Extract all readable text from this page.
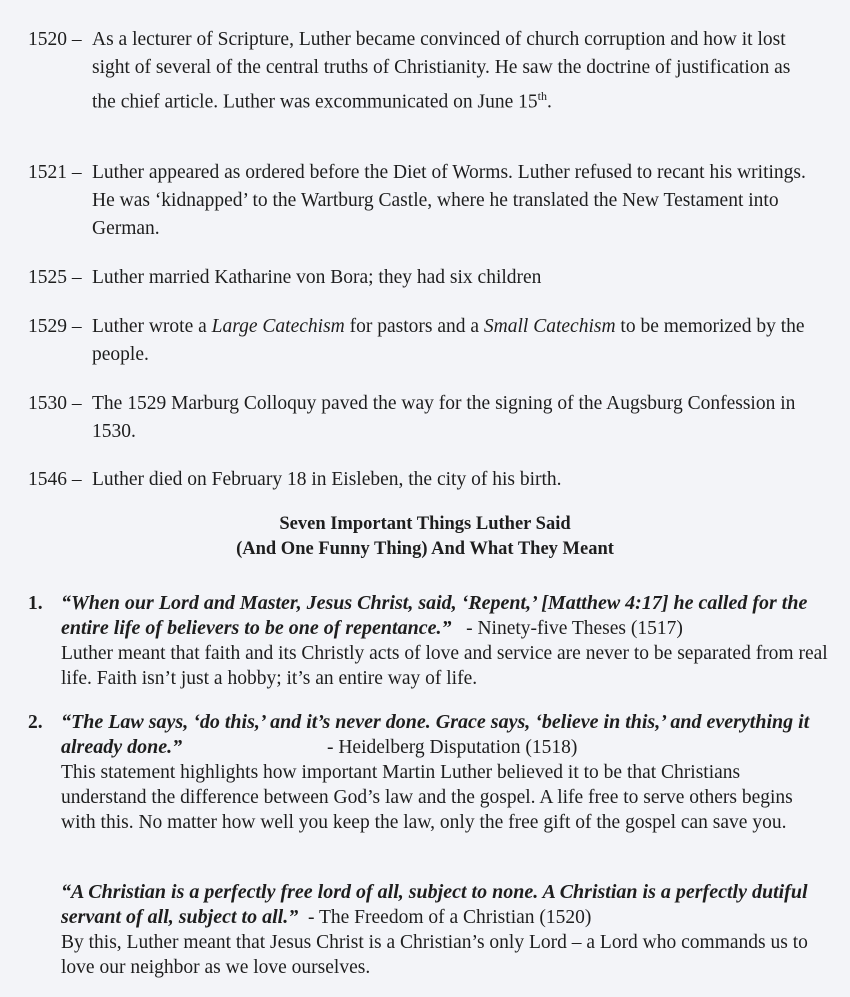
1520 – As a lecturer of Scripture, Luther became convinced of church corruption and how it lost sight of several of the central truths of Christianity. He saw the doctrine of justification as the chief article. Luther was excommunicated on June 15th.
1521 – Luther appeared as ordered before the Diet of Worms. Luther refused to recant his writings. He was ‘kidnapped’ to the Wartburg Castle, where he translated the New Testament into German.
1525 – Luther married Katharine von Bora; they had six children
1529 – Luther wrote a Large Catechism for pastors and a Small Catechism to be memorized by the people.
1530 – The 1529 Marburg Colloquy paved the way for the signing of the Augsburg Confession in 1530.
1546 – Luther died on February 18 in Eisleben, the city of his birth.
Seven Important Things Luther Said
(And One Funny Thing) And What They Meant
1. “When our Lord and Master, Jesus Christ, said, ‘Repent,’ [Matthew 4:17] he called for the entire life of believers to be one of repentance.” - Ninety-five Theses (1517)
Luther meant that faith and its Christly acts of love and service are never to be separated from real life. Faith isn’t just a hobby; it’s an entire way of life.
2. “The Law says, ‘do this,’ and it’s never done. Grace says, ‘believe in this,’ and everything it already done.”	- Heidelberg Disputation (1518)
This statement highlights how important Martin Luther believed it to be that Christians understand the difference between God’s law and the gospel. A life free to serve others begins with this. No matter how well you keep the law, only the free gift of the gospel can save you.
“A Christian is a perfectly free lord of all, subject to none. A Christian is a perfectly dutiful servant of all, subject to all.” - The Freedom of a Christian (1520)
By this, Luther meant that Jesus Christ is a Christian’s only Lord – a Lord who commands us to love our neighbor as we love ourselves.
